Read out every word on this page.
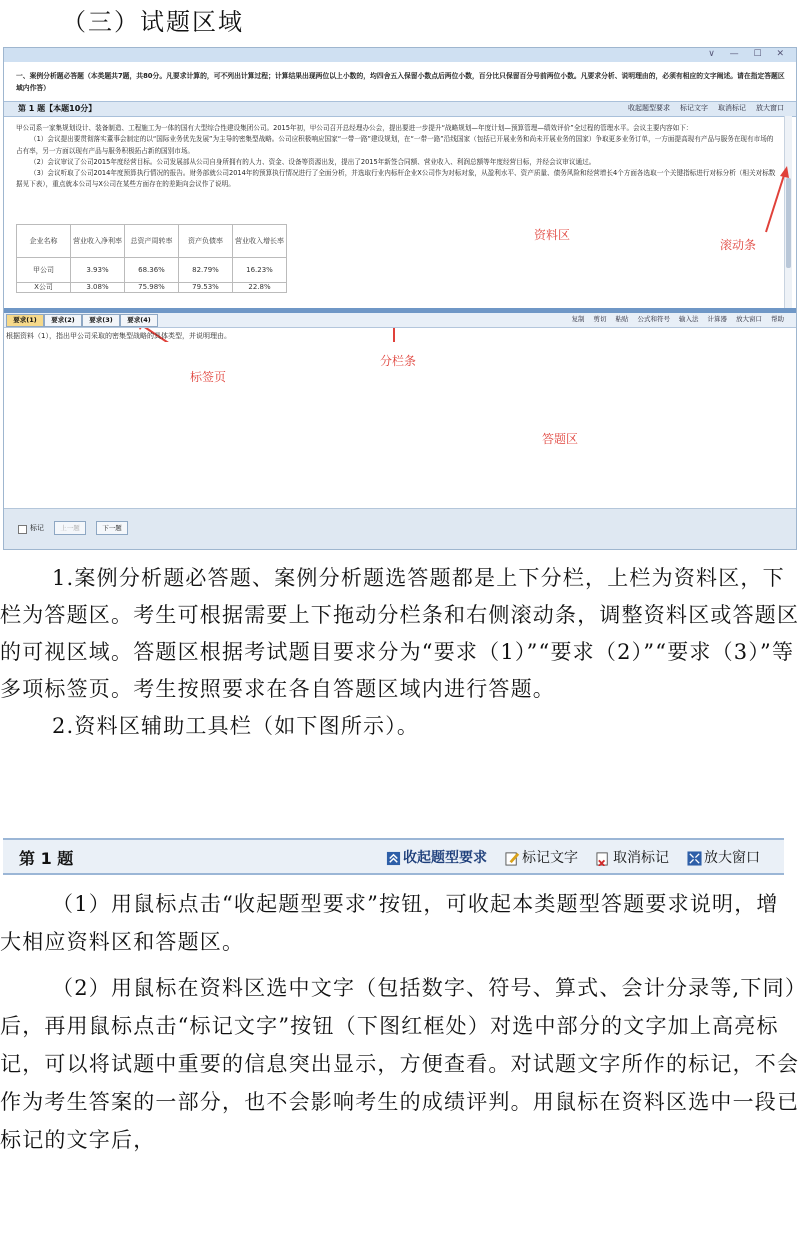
（三）试题区域
∨ — ☐ ✕
一、案例分析题必答题（本类题共7题，共80分。凡要求计算的，可不列出计算过程；计算结果出现两位以上小数的，均四舍五入保留小数点后两位小数，百分比只保留百分号前两位小数。凡要求分析、说明理由的，必须有相应的文字阐述。请在指定答题区域内作答）
第 1 题【本题10分】	收起题型要求 标记文字 取消标记 放大窗口

甲公司系一家集规划设计、装备制造、工程施工为一体的国有大型综合性建设集团公司。2015年初，甲公司召开总经理办公会，提出要进一步提升“战略规划—年度计划—预算管理—绩效评价”全过程的管理水平。会议主要内容如下：

（1）会议提出要贯彻落实董事会制定的以“国际业务优先发展”为主导的密集型战略。公司应积极响应国家“一带一路”建设规划，在“一带一路”沿线国家（包括已开展业务和尚未开展业务的国家）争取更多业务订单，一方面提高现有产品与服务在现有市场的占有率，另一方面以现有产品与服务积极拓占新的国别市场。

（2）会议审议了公司2015年度经营目标。公司发展部从公司自身所拥有的人力、资金、设备等资源出发，提出了2015年新签合同额、营业收入、利润总额等年度经营目标，并经会议审议通过。

（3）会议听取了公司2014年度预算执行情况的报告。财务部就公司2014年的预算执行情况进行了全面分析，并选取行业内标杆企业X公司作为对标对象，从盈利水平、资产质量、债务风险和经营增长4个方面各选取一个关键指标进行对标分析（相关对标数据见下表），重点就本公司与X公司在某些方面存在的差距向会议作了说明。

企业名称	营业收入净利率	总资产周转率	资产负债率	营业收入增长率
甲公司	3.93%	68.36%	82.79%	16.23%
X公司	3.08%	75.98%	79.53%	22.8%
资料区
滚动条
要求(1)	要求(2)	要求(3)	要求(4)	复制 剪切 粘贴 公式和符号 输入法 计算器 放大窗口 帮助
根据资料（1），指出甲公司采取的密集型战略的具体类型，并说明理由。
标签页
分栏条
答题区
标记	上一题	下一题

1.案例分析题必答题、案例分析题选答题都是上下分栏，上栏为资料区，下栏为答题区。考生可根据需要上下拖动分栏条和右侧滚动条，调整资料区或答题区的可视区域。答题区根据考试题目要求分为“要求（1）”“要求（2）”“要求（3）”等多项标签页。考生按照要求在各自答题区域内进行答题。

2.资料区辅助工具栏（如下图所示）。

第 1 题	收起题型要求	标记文字	取消标记	放大窗口

（1）用鼠标点击“收起题型要求”按钮，可收起本类题型答题要求说明，增大相应资料区和答题区。

（2）用鼠标在资料区选中文字（包括数字、符号、算式、会计分录等,下同）后，再用鼠标点击“标记文字”按钮（下图红框处）对选中部分的文字加上高亮标记，可以将试题中重要的信息突出显示，方便查看。对试题文字所作的标记，不会作为考生答案的一部分，也不会影响考生的成绩评判。用鼠标在资料区选中一段已标记的文字后，
